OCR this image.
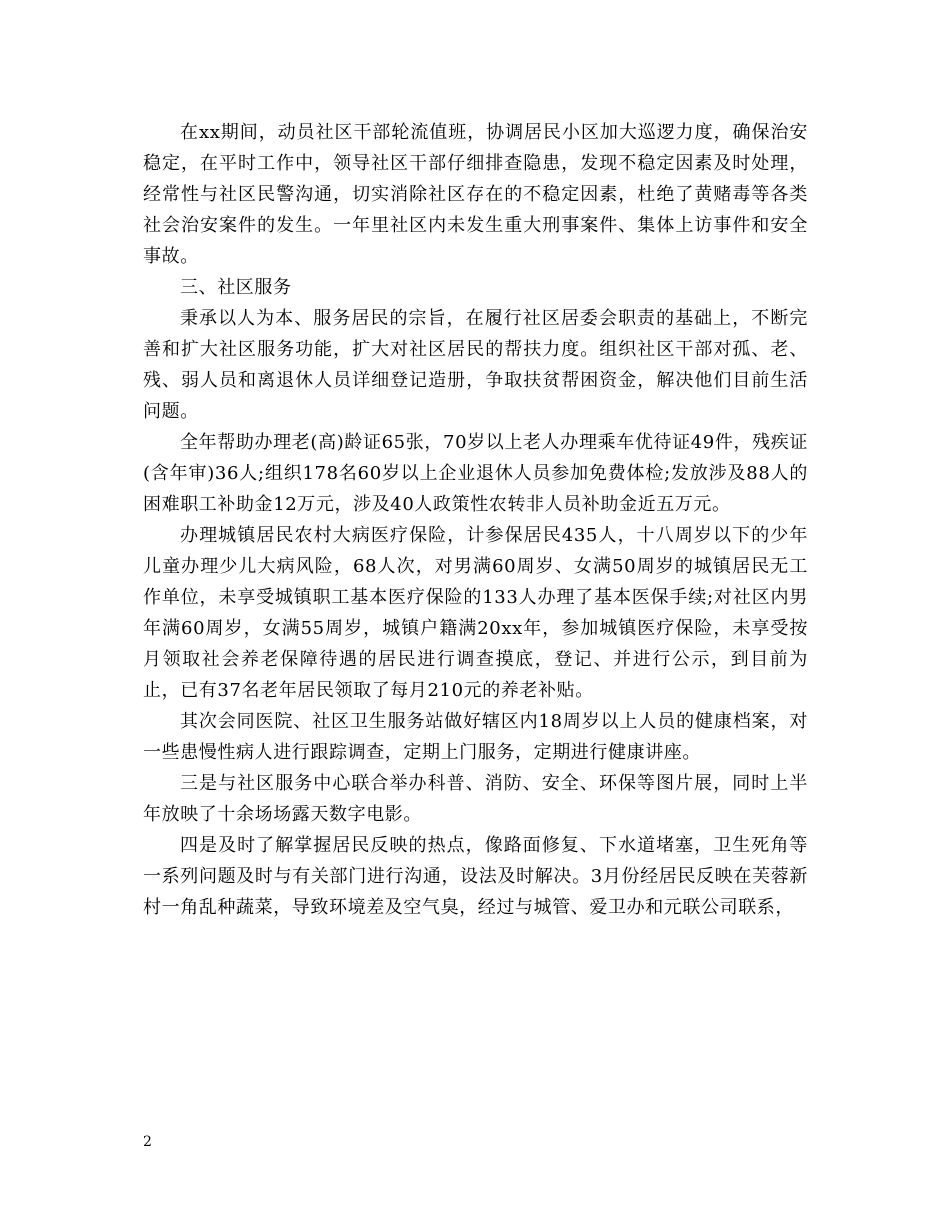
在xx期间，动员社区干部轮流值班，协调居民小区加大巡逻力度，确保治安稳定，在平时工作中，领导社区干部仔细排查隐患，发现不稳定因素及时处理，经常性与社区民警沟通，切实消除社区存在的不稳定因素，杜绝了黄赌毒等各类社会治安案件的发生。一年里社区内未发生重大刑事案件、集体上访事件和安全事故。

三、社区服务

秉承以人为本、服务居民的宗旨，在履行社区居委会职责的基础上，不断完善和扩大社区服务功能，扩大对社区居民的帮扶力度。组织社区干部对孤、老、残、弱人员和离退休人员详细登记造册，争取扶贫帮困资金，解决他们目前生活问题。

全年帮助办理老(高)龄证65张，70岁以上老人办理乘车优待证49件，残疾证(含年审)36人;组织178名60岁以上企业退休人员参加免费体检;发放涉及88人的困难职工补助金12万元，涉及40人政策性农转非人员补助金近五万元。

办理城镇居民农村大病医疗保险，计参保居民435人，十八周岁以下的少年儿童办理少儿大病风险，68人次，对男满60周岁、女满50周岁的城镇居民无工作单位，未享受城镇职工基本医疗保险的133人办理了基本医保手续;对社区内男年满60周岁，女满55周岁，城镇户籍满20xx年，参加城镇医疗保险，未享受按月领取社会养老保障待遇的居民进行调查摸底，登记、并进行公示，到目前为止，已有37名老年居民领取了每月210元的养老补贴。

其次会同医院、社区卫生服务站做好辖区内18周岁以上人员的健康档案，对一些患慢性病人进行跟踪调查，定期上门服务，定期进行健康讲座。

三是与社区服务中心联合举办科普、消防、安全、环保等图片展，同时上半年放映了十余场场露天数字电影。

四是及时了解掌握居民反映的热点，像路面修复、下水道堵塞，卫生死角等一系列问题及时与有关部门进行沟通，设法及时解决。3月份经居民反映在芙蓉新村一角乱种蔬菜，导致环境差及空气臭，经过与城管、爱卫办和元联公司联系，

2
